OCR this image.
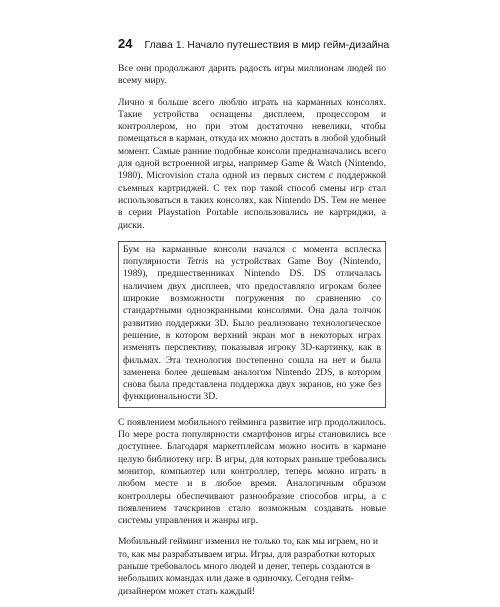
24 Глава 1. Начало путешествия в мир гейм-дизайна

Все они продолжают дарить радость игры миллионам людей по всему миру.

Лично я больше всего люблю играть на карманных консолях. Такие устройства оснащены дисплеем, процессором и контроллером, но при этом достаточно невелики, чтобы помещаться в карман, откуда их можно достать в любой удобный момент. Самые ранние подобные консоли предназначались всего для одной встроенной игры, например Game & Watch (Nintendo, 1980). Microvision стала одной из первых систем с поддержкой съемных картриджей. С тех пор такой способ смены игр стал использоваться в таких консолях, как Nintendo DS. Тем не менее в серии Playstation Portable использовались не картриджи, а диски.

Бум на карманные консоли начался с момента всплеска популярности Tetris на устройствах Game Boy (Nintendo, 1989), предшественниках Nintendo DS. DS отличалась наличием двух дисплеев, что предоставляло игрокам более широкие возможности погружения по сравнению со стандартными одноэкранными консолями. Она дала толчок развитию поддержки 3D. Было реализовано технологическое решение, в котором верхний экран мог в некоторых играх изменять перспективу, показывая игроку 3D-картинку, как в фильмах. Эта технология постепенно сошла на нет и была заменена более дешевым аналогом Nintendo 2DS, в котором снова была представлена поддержка двух экранов, но уже без функциональности 3D.

С появлением мобильного гейминга развитие игр продолжилось. По мере роста популярности смартфонов игры становились все доступнее. Благодаря маркетплейсам можно носить в кармане целую библиотеку игр. В игры, для которых раньше требовались монитор, компьютер или контроллер, теперь можно играть в любом месте и в любое время. Аналогичным образом контроллеры обеспечивают разнообразие способов игры, а с появлением тачскринов стало возможным создавать новые системы управления и жанры игр.

Мобильный гейминг изменил не только то, как мы играем, но и то, как мы разрабатываем игры. Игры, для разработки которых раньше требовалось много людей и денег, теперь создаются в небольших командах или даже в одиночку. Сегодня гейм-дизайнером может стать каждый!
